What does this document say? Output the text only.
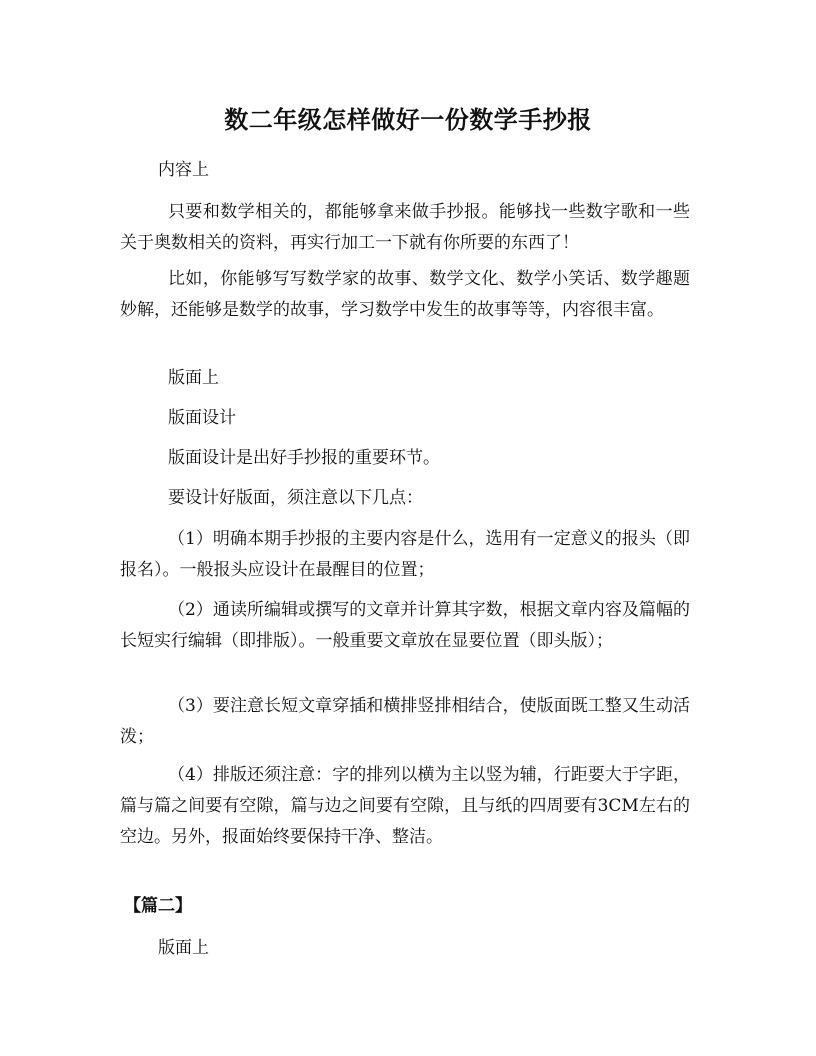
数二年级怎样做好一份数学手抄报
内容上
只要和数学相关的，都能够拿来做手抄报。能够找一些数字歌和一些关于奥数相关的资料，再实行加工一下就有你所要的东西了！
比如，你能够写写数学家的故事、数学文化、数学小笑话、数学趣题妙解，还能够是数学的故事，学习数学中发生的故事等等，内容很丰富。
版面上
版面设计
版面设计是出好手抄报的重要环节。
要设计好版面，须注意以下几点：
（1）明确本期手抄报的主要内容是什么，选用有一定意义的报头（即报名）。一般报头应设计在最醒目的位置；
（2）通读所编辑或撰写的文章并计算其字数，根据文章内容及篇幅的长短实行编辑（即排版）。一般重要文章放在显要位置（即头版）；
（3）要注意长短文章穿插和横排竖排相结合，使版面既工整又生动活泼；
（4）排版还须注意：字的排列以横为主以竖为辅，行距要大于字距，篇与篇之间要有空隙，篇与边之间要有空隙，且与纸的四周要有3CM左右的空边。另外，报面始终要保持干净、整洁。
【篇二】
版面上
